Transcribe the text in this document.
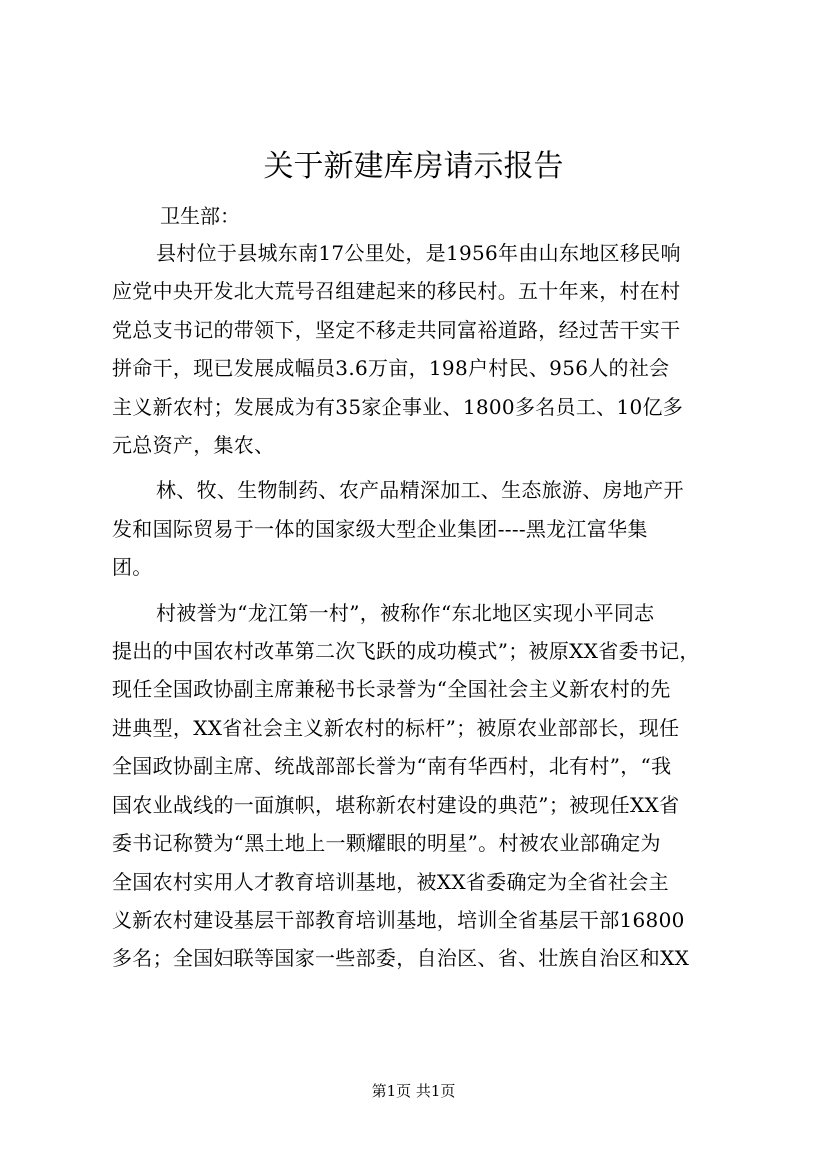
关于新建库房请示报告
卫生部：
县村位于县城东南17公里处，是1956年由山东地区移民响
应党中央开发北大荒号召组建起来的移民村。五十年来，村在村
党总支书记的带领下，坚定不移走共同富裕道路，经过苦干实干
拼命干，现已发展成幅员3.6万亩，198户村民、956人的社会
主义新农村；发展成为有35家企事业、1800多名员工、10亿多
元总资产，集农、
林、牧、生物制药、农产品精深加工、生态旅游、房地产开
发和国际贸易于一体的国家级大型企业集团----黑龙江富华集
团。
村被誉为“龙江第一村”，被称作“东北地区实现小平同志
提出的中国农村改革第二次飞跃的成功模式”；被原XX省委书记，
现任全国政协副主席兼秘书长录誉为“全国社会主义新农村的先
进典型，XX省社会主义新农村的标杆”；被原农业部部长，现任
全国政协副主席、统战部部长誉为“南有华西村，北有村”，“我
国农业战线的一面旗帜，堪称新农村建设的典范”；被现任XX省
委书记称赞为“黑土地上一颗耀眼的明星”。村被农业部确定为
全国农村实用人才教育培训基地，被XX省委确定为全省社会主
义新农村建设基层干部教育培训基地，培训全省基层干部16800
多名；全国妇联等国家一些部委，自治区、省、壮族自治区和XX
第1页 共1页
